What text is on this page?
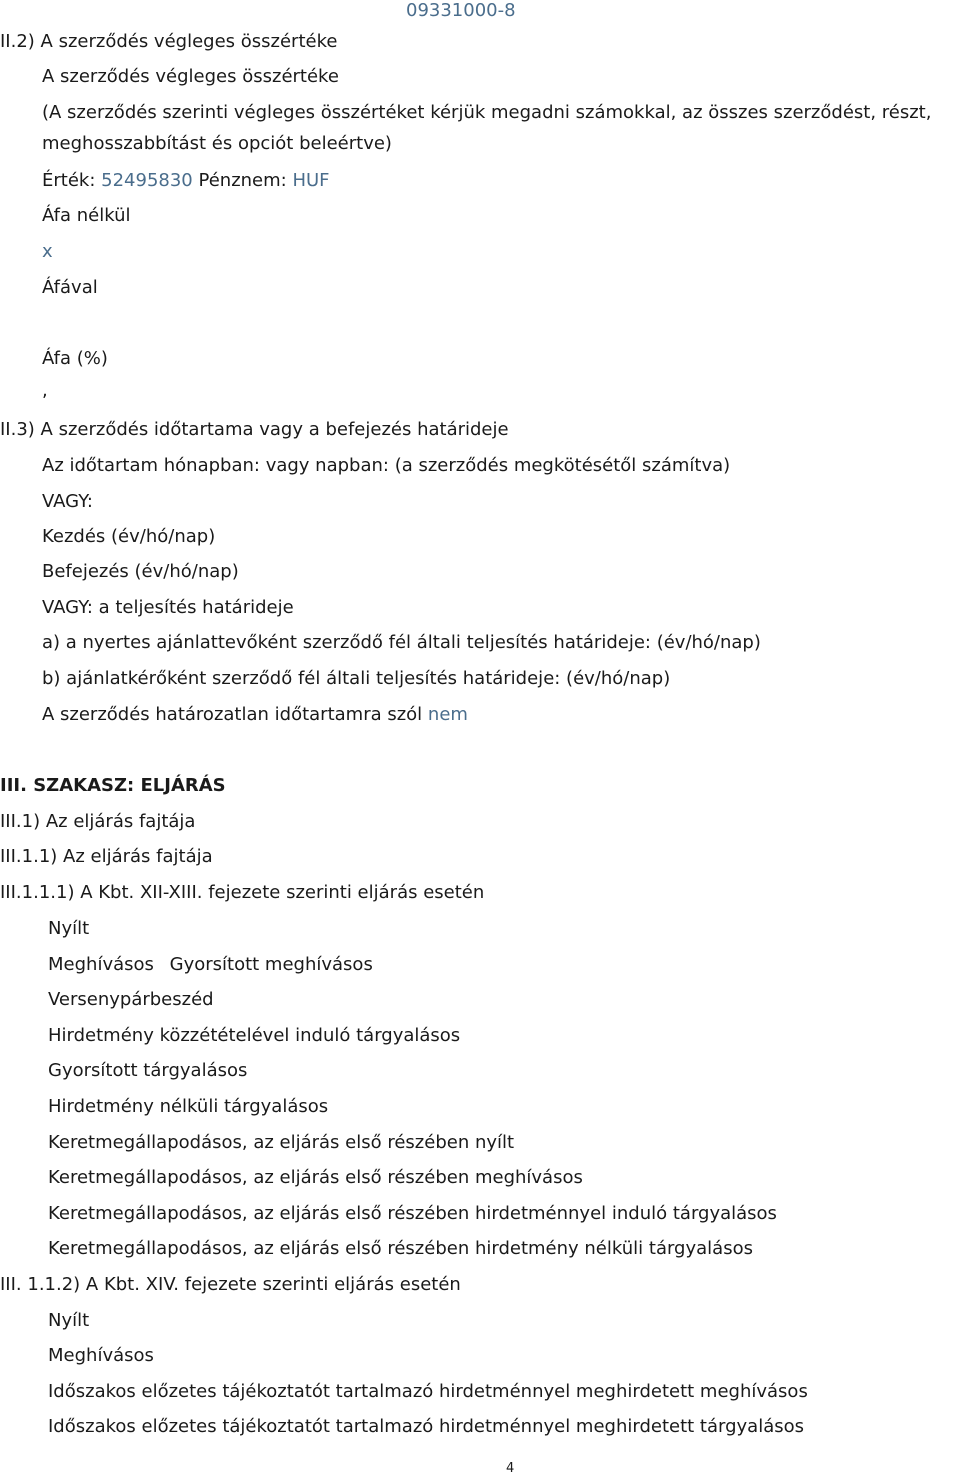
09331000-8
II.2) A szerződés végleges összértéke
A szerződés végleges összértéke
(A szerződés szerinti végleges összértéket kérjük megadni számokkal, az összes szerződést, részt,
meghosszabbítást és opciót beleértve)
Érték: 52495830 Pénznem: HUF
Áfa nélkül
x
Áfával
Áfa (%)
,
II.3) A szerződés időtartama vagy a befejezés határideje
Az időtartam hónapban: vagy napban: (a szerződés megkötésétől számítva)
VAGY:
Kezdés (év/hó/nap)
Befejezés (év/hó/nap)
VAGY: a teljesítés határideje
a) a nyertes ajánlattevőként szerződő fél általi teljesítés határideje: (év/hó/nap)
b) ajánlatkérőként szerződő fél általi teljesítés határideje: (év/hó/nap)
A szerződés határozatlan időtartamra szól nem
III. SZAKASZ: ELJÁRÁS
III.1) Az eljárás fajtája
III.1.1) Az eljárás fajtája
III.1.1.1) A Kbt. XII-XIII. fejezete szerinti eljárás esetén
Nyílt
Meghívásos Gyorsított meghívásos
Versenypárbeszéd
Hirdetmény közzétételével induló tárgyalásos
Gyorsított tárgyalásos
Hirdetmény nélküli tárgyalásos
Keretmegállapodásos, az eljárás első részében nyílt
Keretmegállapodásos, az eljárás első részében meghívásos
Keretmegállapodásos, az eljárás első részében hirdetménnyel induló tárgyalásos
Keretmegállapodásos, az eljárás első részében hirdetmény nélküli tárgyalásos
III. 1.1.2) A Kbt. XIV. fejezete szerinti eljárás esetén
Nyílt
Meghívásos
Időszakos előzetes tájékoztatót tartalmazó hirdetménnyel meghirdetett meghívásos
Időszakos előzetes tájékoztatót tartalmazó hirdetménnyel meghirdetett tárgyalásos
4
